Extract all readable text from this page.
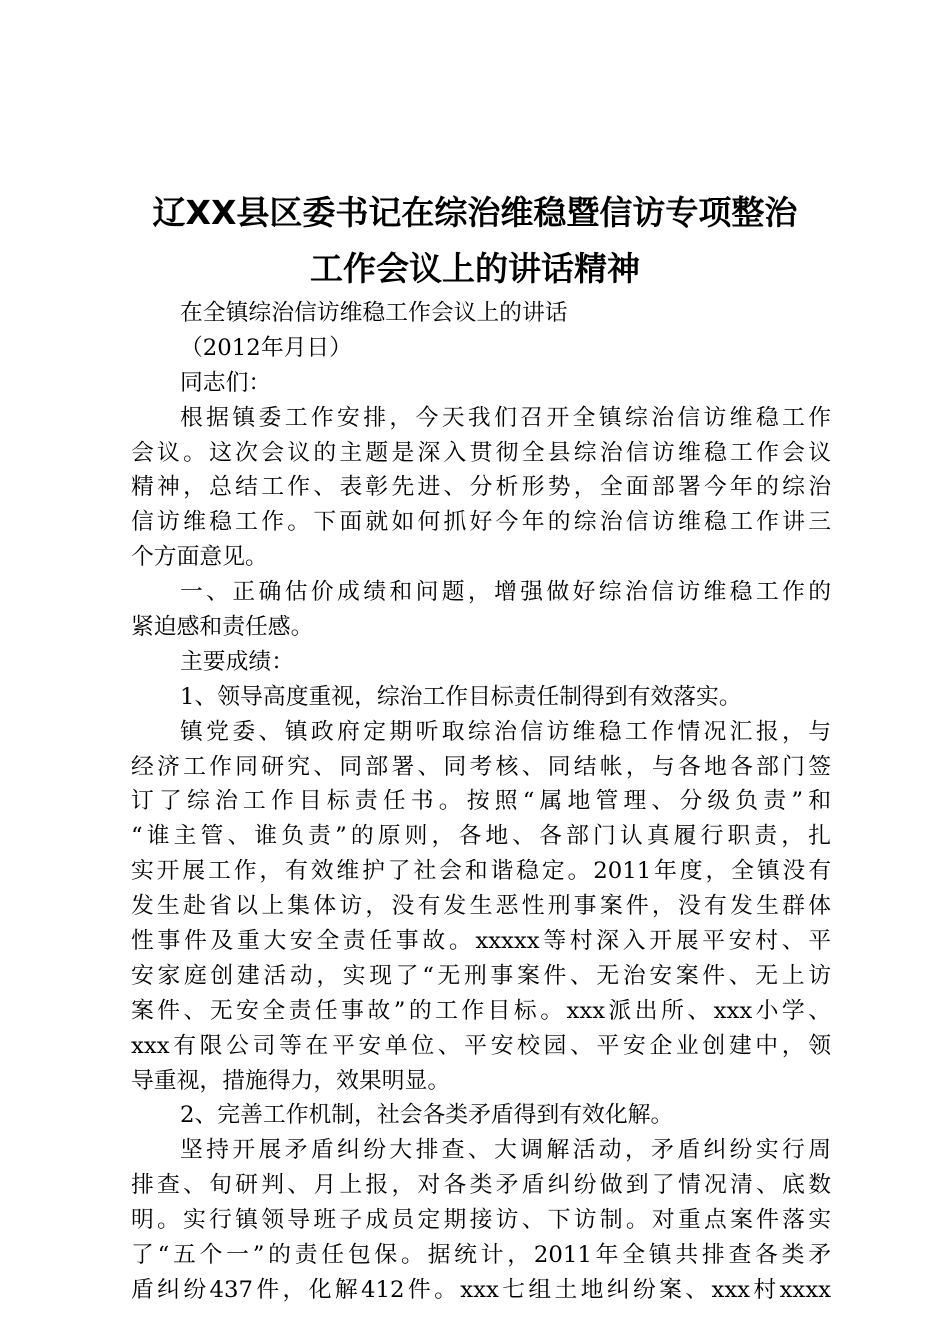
辽XX县区委书记在综治维稳暨信访专项整治
工作会议上的讲话精神
在全镇综治信访维稳工作会议上的讲话
（2012年月日）
同志们：
根据镇委工作安排，今天我们召开全镇综治信访维稳工作
会议。这次会议的主题是深入贯彻全县综治信访维稳工作会议
精神，总结工作、表彰先进、分析形势，全面部署今年的综治
信访维稳工作。下面就如何抓好今年的综治信访维稳工作讲三
个方面意见。
一、正确估价成绩和问题，增强做好综治信访维稳工作的
紧迫感和责任感。
主要成绩：
1、领导高度重视，综治工作目标责任制得到有效落实。
镇党委、镇政府定期听取综治信访维稳工作情况汇报，与
经济工作同研究、同部署、同考核、同结帐，与各地各部门签
订了综治工作目标责任书。按照“属地管理、分级负责”和
“谁主管、谁负责”的原则，各地、各部门认真履行职责，扎
实开展工作，有效维护了社会和谐稳定。2011年度，全镇没有
发生赴省以上集体访，没有发生恶性刑事案件，没有发生群体
性事件及重大安全责任事故。xxxxx等村深入开展平安村、平
安家庭创建活动，实现了“无刑事案件、无治安案件、无上访
案件、无安全责任事故”的工作目标。xxx派出所、xxx小学、
xxx有限公司等在平安单位、平安校园、平安企业创建中，领
导重视，措施得力，效果明显。
2、完善工作机制，社会各类矛盾得到有效化解。
坚持开展矛盾纠纷大排查、大调解活动，矛盾纠纷实行周
排查、旬研判、月上报，对各类矛盾纠纷做到了情况清、底数
明。实行镇领导班子成员定期接访、下访制。对重点案件落实
了“五个一”的责任包保。据统计，2011年全镇共排查各类矛
盾纠纷437件，化解412件。xxx七组土地纠纷案、xxx村xxxx
